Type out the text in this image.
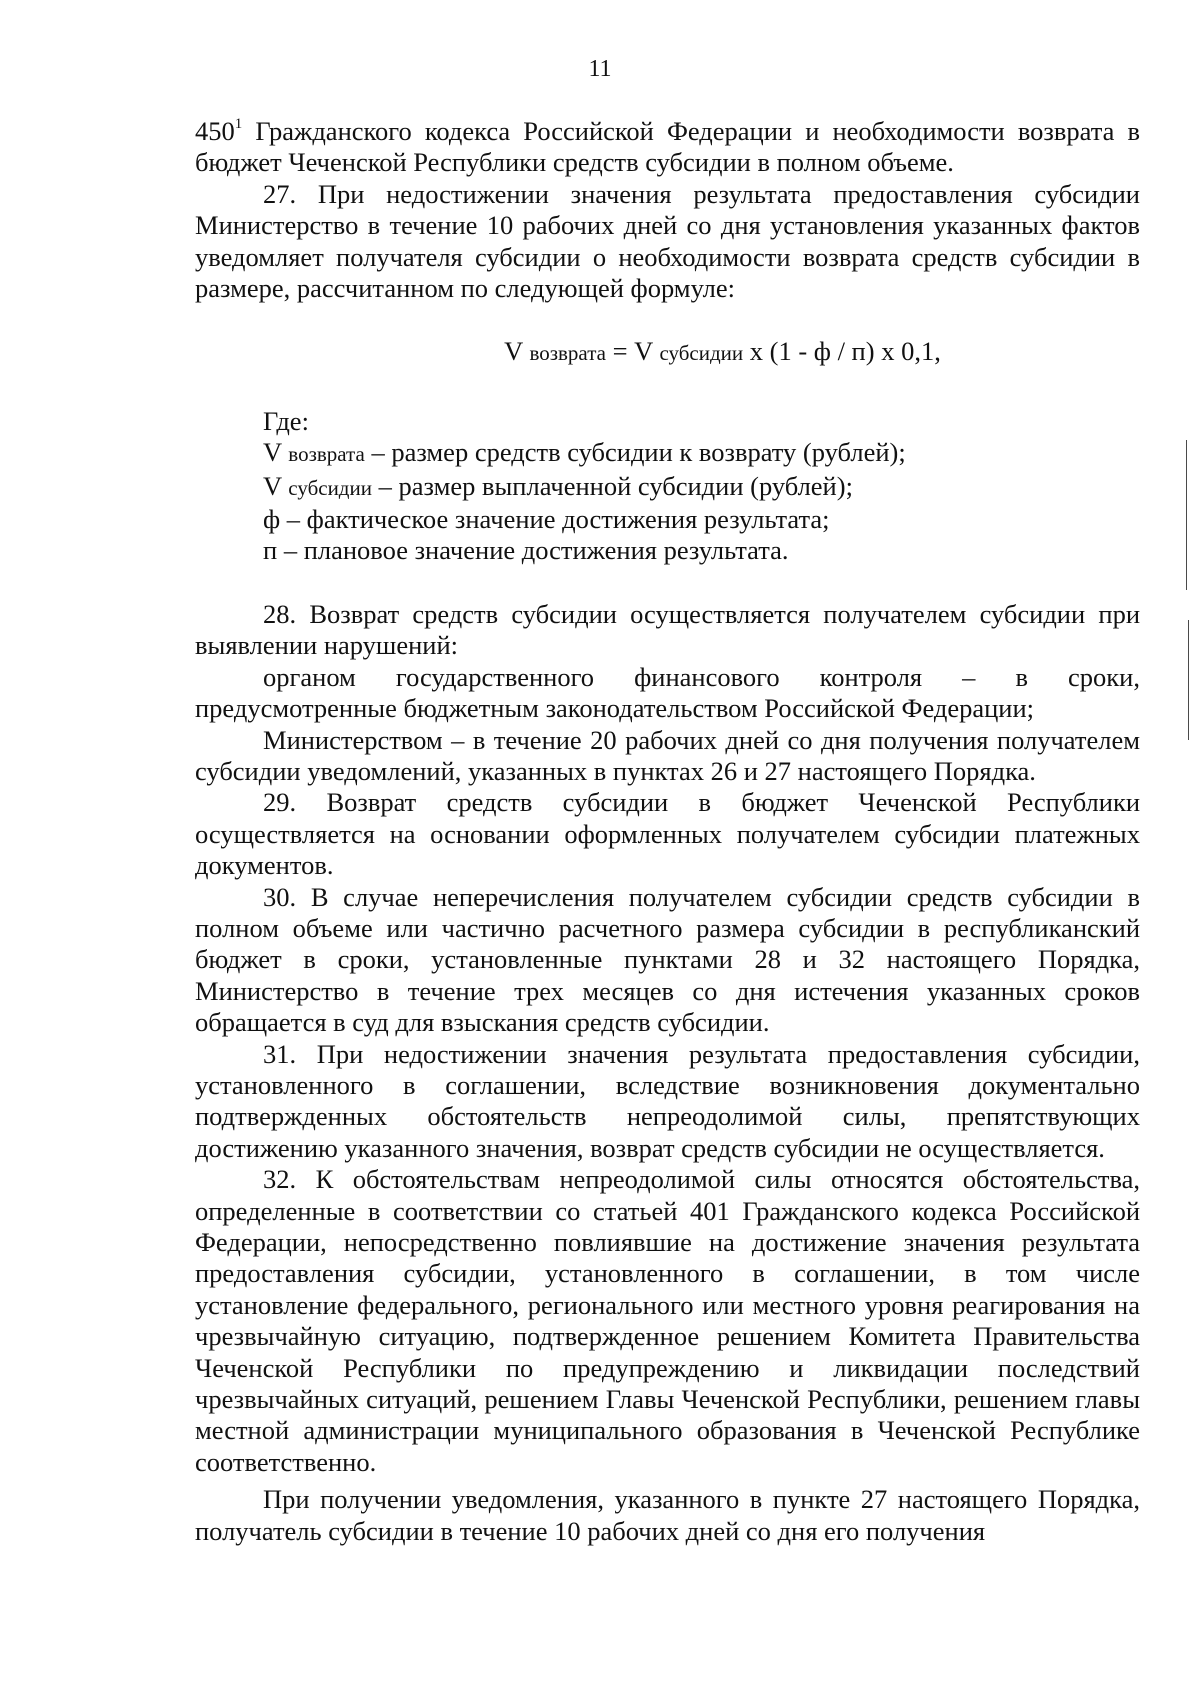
11

$450^1$ Гражданского кодекса Российской Федерации и необходимости возврата в бюджет Чеченской Республики средств субсидии в полном объеме.

27. При недостижении значения результата предоставления субсидии Министерство в течение 10 рабочих дней со дня установления указанных фактов уведомляет получателя субсидии о необходимости возврата средств субсидии в размере, рассчитанном по следующей формуле:

V возврата = V субсидии x (1 - ф / п) x 0,1,

Где:

V возврата – размер средств субсидии к возврату (рублей);

V субсидии – размер выплаченной субсидии (рублей);

ф – фактическое значение достижения результата;

п – плановое значение достижения результата.

28. Возврат средств субсидии осуществляется получателем субсидии при выявлении нарушений:

органом государственного финансового контроля – в сроки, предусмотренные бюджетным законодательством Российской Федерации;

Министерством – в течение 20 рабочих дней со дня получения получателем субсидии уведомлений, указанных в пунктах 26 и 27 настоящего Порядка.

29. Возврат средств субсидии в бюджет Чеченской Республики осуществляется на основании оформленных получателем субсидии платежных документов.

30. В случае неперечисления получателем субсидии средств субсидии в полном объеме или частично расчетного размера субсидии в республиканский бюджет в сроки, установленные пунктами 28 и 32 настоящего Порядка, Министерство в течение трех месяцев со дня истечения указанных сроков обращается в суд для взыскания средств субсидии.

31. При недостижении значения результата предоставления субсидии, установленного в соглашении, вследствие возникновения документально подтвержденных обстоятельств непреодолимой силы, препятствующих достижению указанного значения, возврат средств субсидии не осуществляется.

32. К обстоятельствам непреодолимой силы относятся обстоятельства, определенные в соответствии со статьей 401 Гражданского кодекса Российской Федерации, непосредственно повлиявшие на достижение значения результата предоставления субсидии, установленного в соглашении, в том числе установление федерального, регионального или местного уровня реагирования на чрезвычайную ситуацию, подтвержденное решением Комитета Правительства Чеченской Республики по предупреждению и ликвидации последствий чрезвычайных ситуаций, решением Главы Чеченской Республики, решением главы местной администрации муниципального образования в Чеченской Республике соответственно.

При получении уведомления, указанного в пункте 27 настоящего Порядка, получатель субсидии в течение 10 рабочих дней со дня его получения
